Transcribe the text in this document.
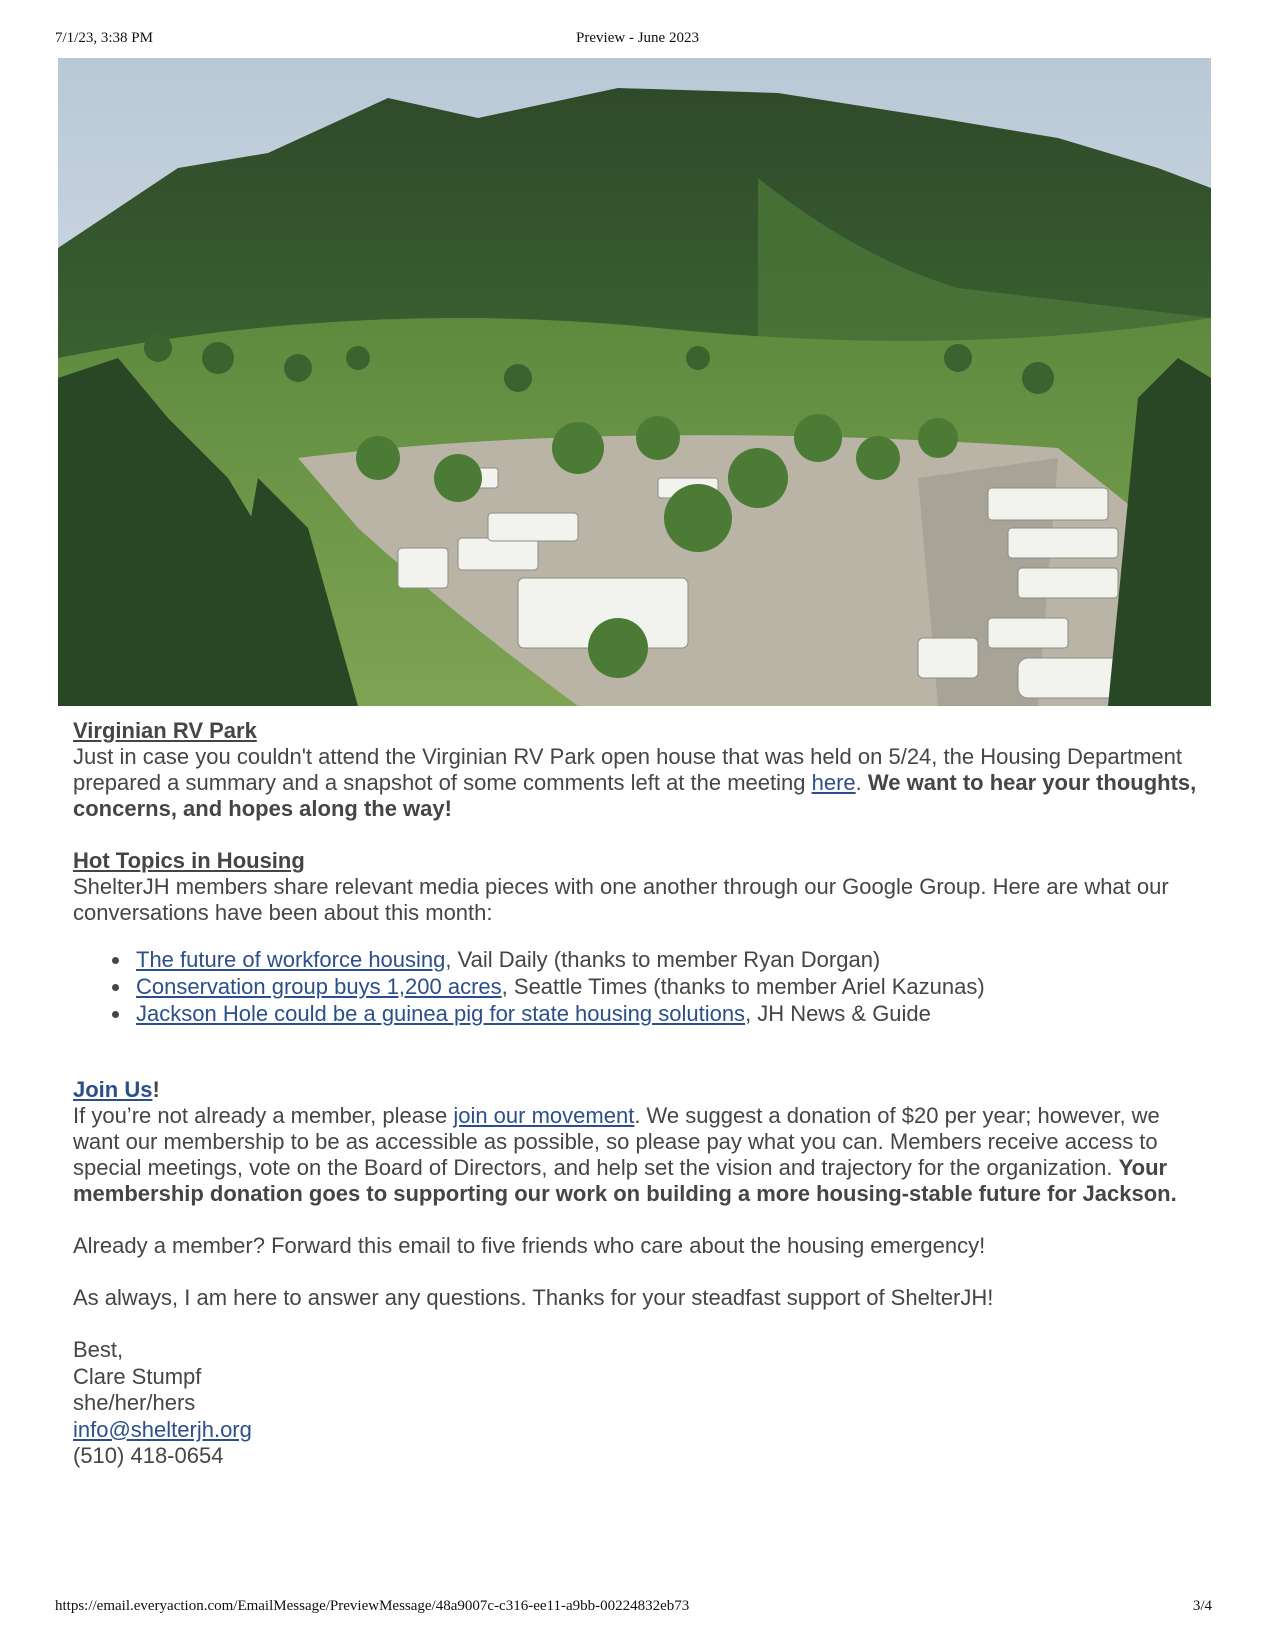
7/1/23, 3:38 PM	Preview - June 2023
Virginian RV Park

Just in case you couldn't attend the Virginian RV Park open house that was held on 5/24, the Housing Department prepared a summary and a snapshot of some comments left at the meeting here. We want to hear your thoughts, concerns, and hopes along the way!

Hot Topics in Housing

ShelterJH members share relevant media pieces with one another through our Google Group. Here are what our conversations have been about this month:

The future of workforce housing, Vail Daily (thanks to member Ryan Dorgan)
Conservation group buys 1,200 acres, Seattle Times (thanks to member Ariel Kazunas)
Jackson Hole could be a guinea pig for state housing solutions, JH News & Guide
Join Us!

If you’re not already a member, please join our movement. We suggest a donation of $20 per year; however, we want our membership to be as accessible as possible, so please pay what you can. Members receive access to special meetings, vote on the Board of Directors, and help set the vision and trajectory for the organization. Your membership donation goes to supporting our work on building a more housing-stable future for Jackson.

Already a member? Forward this email to five friends who care about the housing emergency!

As always, I am here to answer any questions. Thanks for your steadfast support of ShelterJH!

Best,

Clare Stumpf

she/her/hers

info@shelterjh.org

(510) 418-0654

https://email.everyaction.com/EmailMessage/PreviewMessage/48a9007c-c316-ee11-a9bb-00224832eb73	3/4
